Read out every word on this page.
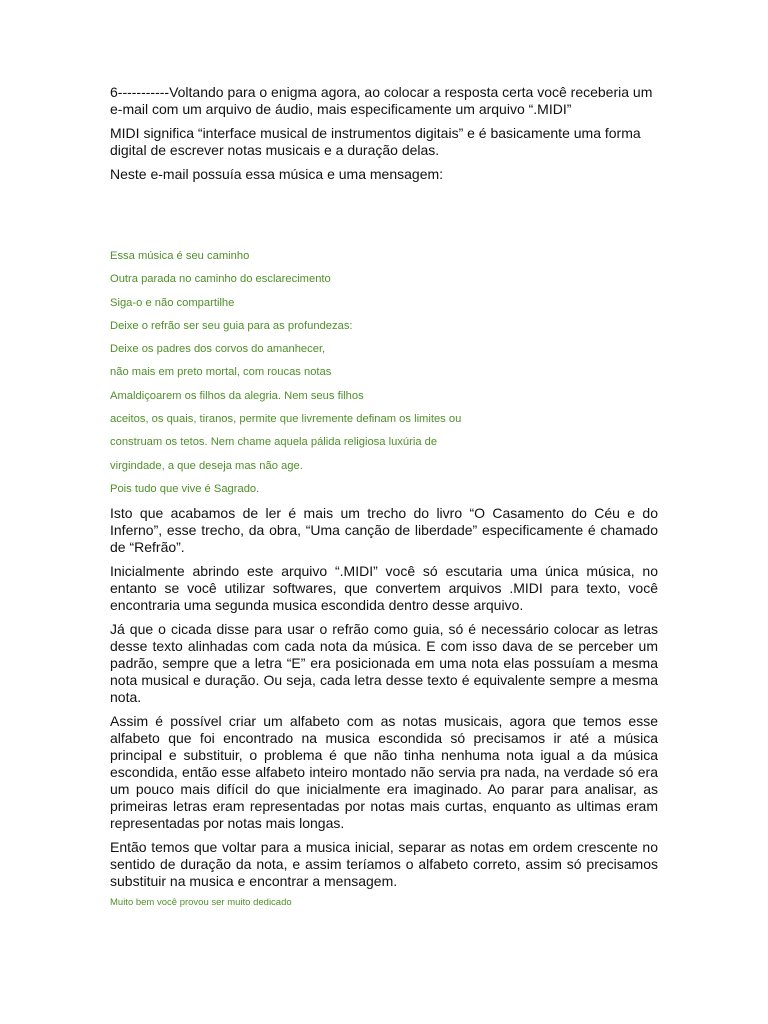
6-----------Voltando para o enigma agora, ao colocar a resposta certa você receberia um e-mail com um arquivo de áudio, mais especificamente um arquivo “.MIDI”

MIDI significa “interface musical de instrumentos digitais” e é basicamente uma forma digital de escrever notas musicais e a duração delas.

Neste e-mail possuía essa música e uma mensagem:

Essa música é seu caminho
Outra parada no caminho do esclarecimento
Siga-o e não compartilhe
Deixe o refrão ser seu guia para as profundezas:
Deixe os padres dos corvos do amanhecer,
não mais em preto mortal, com roucas notas
Amaldiçoarem os filhos da alegria. Nem seus filhos
aceitos, os quais, tiranos, permite que livremente definam os limites ou
construam os tetos. Nem chame aquela pálida religiosa luxúria de
virgindade, a que deseja mas não age.
Pois tudo que vive é Sagrado.

Isto que acabamos de ler é mais um trecho do livro “O Casamento do Céu e do Inferno”, esse trecho, da obra, “Uma canção de liberdade” especificamente é chamado de “Refrão”.

Inicialmente abrindo este arquivo “.MIDI” você só escutaria uma única música, no entanto se você utilizar softwares, que convertem arquivos .MIDI para texto, você encontraria uma segunda musica escondida dentro desse arquivo.

Já que o cicada disse para usar o refrão como guia, só é necessário colocar as letras desse texto alinhadas com cada nota da música. E com isso dava de se perceber um padrão, sempre que a letra “E” era posicionada em uma nota elas possuíam a mesma nota musical e duração. Ou seja, cada letra desse texto é equivalente sempre a mesma nota.

Assim é possível criar um alfabeto com as notas musicais, agora que temos esse alfabeto que foi encontrado na musica escondida só precisamos ir até a música principal e substituir, o problema é que não tinha nenhuma nota igual a da música escondida, então esse alfabeto inteiro montado não servia pra nada, na verdade só era um pouco mais difícil do que inicialmente era imaginado. Ao parar para analisar, as primeiras letras eram representadas por notas mais curtas, enquanto as ultimas eram representadas por notas mais longas.

Então temos que voltar para a musica inicial, separar as notas em ordem crescente no sentido de duração da nota, e assim teríamos o alfabeto correto, assim só precisamos substituir na musica e encontrar a mensagem.

Muito bem você provou ser muito dedicado
